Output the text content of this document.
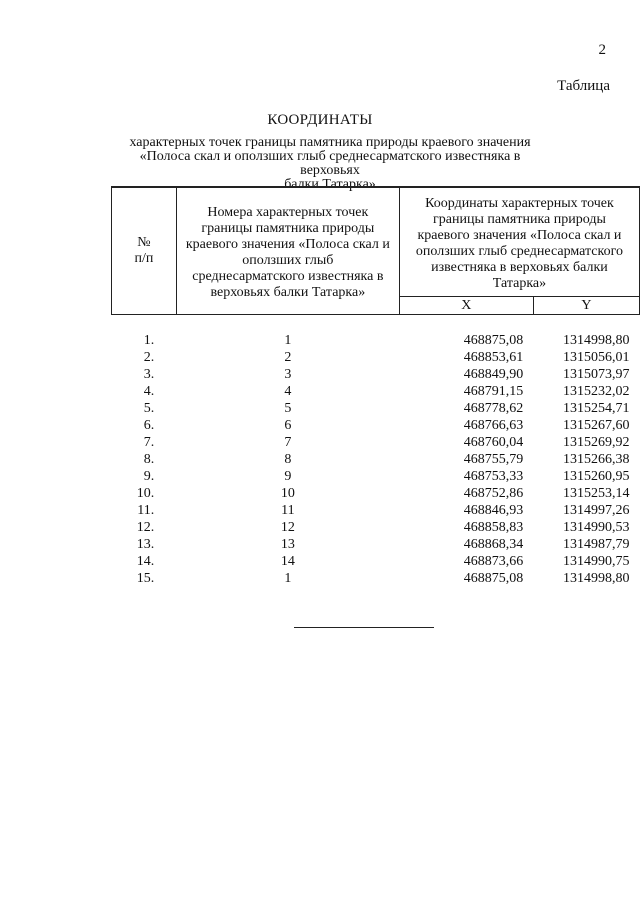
2
Таблица
КООРДИНАТЫ
характерных точек границы памятника природы краевого значения
«Полоса скал и оползших глыб среднесарматского известняка в верховьях
балки Татарка»
№
п/п	Номера характерных точек границы памятника природы краевого значения «Полоса скал и оползших глыб среднесарматского известняка в верховьях балки Татарка»	Координаты характерных точек границы памятника природы краевого значения «Полоса скал и оползших глыб среднесарматского известняка в верховьях балки Татарка»	
		X	Y

1.	1	468875,08	1314998,80
2.	2	468853,61	1315056,01
3.	3	468849,90	1315073,97
4.	4	468791,15	1315232,02
5.	5	468778,62	1315254,71
6.	6	468766,63	1315267,60
7.	7	468760,04	1315269,92
8.	8	468755,79	1315266,38
9.	9	468753,33	1315260,95
10.	10	468752,86	1315253,14
11.	11	468846,93	1314997,26
12.	12	468858,83	1314990,53
13.	13	468868,34	1314987,79
14.	14	468873,66	1314990,75
15.	1	468875,08	1314998,80
